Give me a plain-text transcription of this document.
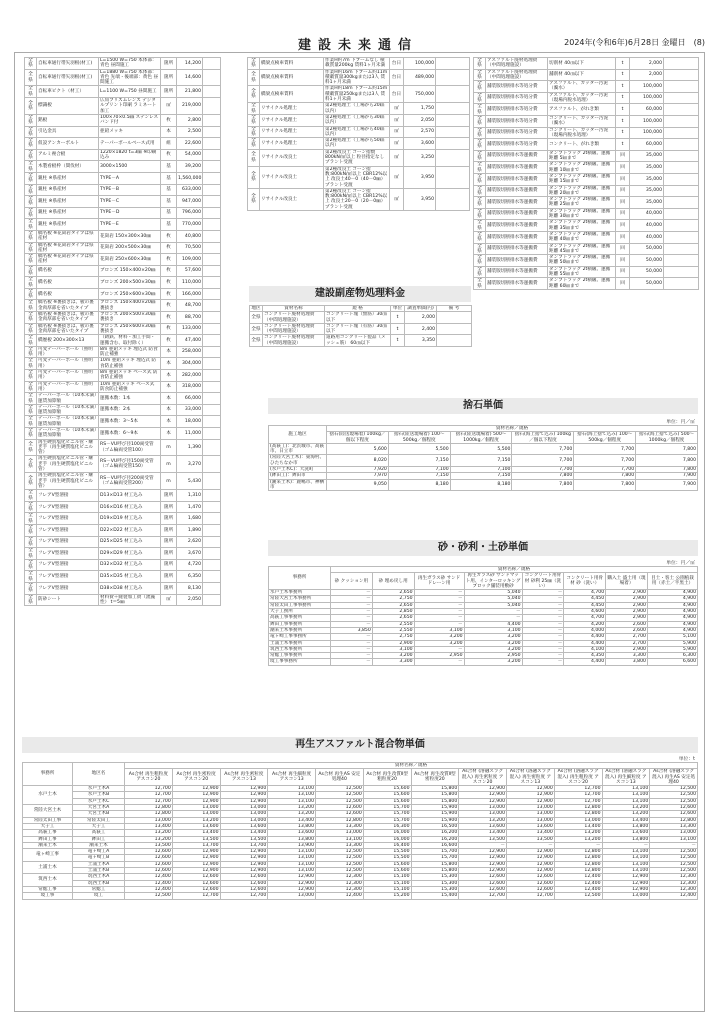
建設未来通信	2024年(令和6年)6月28日 金曜日 (8)
全県	自転車通行帯矢羽根(材工)	L=1500 W=750 本体部：青色 昼間施工	箇所	14,200	
全県	自転車通行帯矢羽根(材工)	L=1880 W=750 本体部：青色 先端・後端部：黄色 昼間施工	箇所	14,600	
全県	自転車ピクト（材工）	L=1100 W=750 昼間施工	箇所	21,800	
全県	標識板	広角プリズムレンズ デジタルプリント印刷 ラミネート加工	㎡	219,000	
全県	銘板	100×70×0.5㎜ ステンレスバンド付	枚	2,800	
全県	引込金具	亜鉛メッキ	本	2,500	
全県	仮設アンカーボルト	テーパーポールベース式用	組	22,600	
全県	アルミ複合板	1220×1820 t=3㎜ ※印刷込み	枚	54,000	
全県	木製看板枠（間伐材）	3000×1500	基	39,200	
全県	親柱 ※県産材	TYPE－A	基	1,560,000	
全県	親柱 ※県産材	TYPE－B	基	633,000	
全県	親柱 ※県産材	TYPE－C	基	947,000	
全県	親柱 ※県産材	TYPE－D	基	796,000	
全県	親柱 ※県産材	TYPE－E	基	770,000	
全県	橋名板 ※花崗岩タイプは県産材	花崗岩 150×300×30㎜	枚	40,800	
全県	橋名板 ※花崗岩タイプは県産材	花崗岩 200×500×30㎜	枚	70,500	
全県	橋名板 ※花崗岩タイプは県産材	花崗岩 250×600×30㎜	枚	109,000	
全県	橋名板	ブロンズ 150×400×20㎜	枚	57,600	
全県	橋名板	ブロンズ 200×500×30㎜	枚	110,000	
全県	橋名板	ブロンズ 250×600×30㎜	枚	166,000	
全県	橋名板 ※裏抜きは、板の裏金肉厚部を省いたタイプ	ブロンズ 150×400×20㎜ 裏抜き	枚	48,700	
全県	橋名板 ※裏抜きは、板の裏金肉厚部を省いたタイプ	ブロンズ 200×500×30㎜ 裏抜き	枚	88,700	
全県	橋名板 ※裏抜きは、板の裏金肉厚部を省いたタイプ	ブロンズ 250×600×30㎜ 裏抜き	枚	133,000	
全県	橋歴板 200×300×13	（鋳鉄、材料・加工手間・運搬含む、取付除く）	枚	47,400	
全県	可変テーパーポール（照明用）	8m 亜鉛メッキ 埋込式 防食防止補強	本	258,000	
全県	可変テーパーポール（照明用）	10m 亜鉛メッキ 埋込式 防食防止補強	本	304,000	
全県	可変テーパーポール（照明用）	8m 亜鉛メッキ ベース式 防食防止補強	本	282,000	
全県	可変テーパーポール（照明用）	10m 亜鉛メッキ ベース式 防食防止補強	本	318,000	
全県	テーパーポール（10本未満）運賃加算額	運搬本数：1本	本	66,000	
全県	テーパーポール（10本未満）運賃加算額	運搬本数：2本	本	33,000	
全県	テーパーポール（10本未満）運賃加算額	運搬本数：3～5本	本	18,000	
全県	テーパーポール（10本未満）運賃加算額	運搬本数：6～9本	本	11,000	
全県	再生硬質塩化ビニル管・継ぎ手（再生硬質塩化ビニル管）	RS－VU呼び径100両受管（ゴム輪両受管100）	m	1,390	
全県	再生硬質塩化ビニル管・継ぎ手（再生硬質塩化ビニル管）	RS－VU呼び径150両受管（ゴム輪両受管150）	m	3,270	
全県	再生硬質塩化ビニル管・継ぎ手（再生硬質塩化ビニル管）	RS－VU呼び径200両受管（ゴム輪両受管200）	m	5,430	
全県	フレアV型溶接	D13×D13 材工込み	箇所	1,310	
全県	フレアV型溶接	D16×D16 材工込み	箇所	1,470	
全県	フレアV型溶接	D19×D19 材工込み	箇所	1,680	
全県	フレアV型溶接	D22×D22 材工込み	箇所	1,890	
全県	フレアV型溶接	D25×D25 材工込み	箇所	2,620	
全県	フレアV型溶接	D29×D29 材工込み	箇所	3,670	
全県	フレアV型溶接	D32×D32 材工込み	箇所	4,720	
全県	フレアV型溶接	D35×D35 材工込み	箇所	6,350	
全県	フレアV型溶接	D38×D38 材工込み	箇所	8,130	
全県	防砂シート	材料費＋縫製加工費（流藻性） t＝5㎜	㎡	2,050	
全県	橋梁点検車賃料	作業H約7m 下ブームなし 積載質量200kg 賃料1ヶ月未満	台日	100,000	
全県	橋梁点検車賃料	作業H約16m 下ブーム約11m 積載質量300kgまたは3人 賃料1ヶ月未満	台日	489,000	
全県	橋梁点検車賃料	作業H約18m 下ブーム約15m 積載質量250kgまたは3人 賃料1ヶ月未満	台日	750,000	
全県	リサイクル処理土	第2種処理土（工場から20㎞以内）	㎡	1,750	
全県	リサイクル処理土	第2種処理土（工場から30㎞以内）	㎡	2,050	
全県	リサイクル処理土	第2種処理土（工場から40㎞以内）	㎡	2,570	
全県	リサイクル処理土	第2種処理土（工場から50㎞以内）	㎡	3,600	
全県	リサイクル改良土	第2種改良土 コーン指数800kN/㎡以上 粒径指定なし プラント受渡	㎡	3,250	
全県	リサイクル改良土	第2種改良土 コーン指数:800kN/㎡以上 CBR12%以上 改良土40－0（40－0㎜）プラント受渡	㎡	3,950	
全県	リサイクル改良土	第2種改良土 コーン指数:800kN/㎡以上 CBR12%以上 改良土20－0（20－0㎜）プラント受渡	㎡	3,950	
建設副産物処理料金
地区	資材名称	規 格	単位	調査単価(円)	備 考
全県	コンクリート廃材処理費（中間処理施設）	コンクリート塊（無筋）30㎝以下	t	2,000	
全県	コンクリート廃材処理費（中間処理施設）	コンクリート塊（有筋）30㎝以下	t	2,400	
全県	コンクリート廃材処理費（中間処理施設）	道路用コンクリート製品（メッシュ筋） 60㎝以下	t	3,350	
全県	アスファルト廃材処理費（中間処理施設）	切削材 40㎝以下	t	2,000	
全県	アスファルト廃材処理費（中間処理施設）	舗削材 40㎝以下	t	2,000	
全県	舗装版切断排水等処分費	アスファルト、カッター汚泥（濁水）	t	100,000	
全県	舗装版切断排水等処分費	アスファルト、カッター汚泥（現場内脱水処理）	t	100,000	
全県	舗装版切断排水等処分費	アスファルト、がれき類	t	60,000	
全県	舗装版切断排水等処分費	コンクリート、カッター汚泥（濁水）	t	100,000	
全県	舗装版切断排水等処分費	コンクリート、カッター汚泥（現場内脱水処理）	t	100,000	
全県	舗装版切断排水等処分費	コンクリート、がれき類	t	60,000	
全県	舗装版切断排水等運搬費	ダンプトラック 2t積級、運搬距離 5㎞まで	回	35,000	
全県	舗装版切断排水等運搬費	ダンプトラック 2t積級、運搬距離 10㎞まで	回	35,000	
全県	舗装版切断排水等運搬費	ダンプトラック 2t積級、運搬距離 15㎞まで	回	35,000	
全県	舗装版切断排水等運搬費	ダンプトラック 2t積級、運搬距離 20㎞まで	回	35,000	
全県	舗装版切断排水等運搬費	ダンプトラック 2t積級、運搬距離 25㎞まで	回	35,000	
全県	舗装版切断排水等運搬費	ダンプトラック 2t積級、運搬距離 30㎞まで	回	40,000	
全県	舗装版切断排水等運搬費	ダンプトラック 2t積級、運搬距離 35㎞まで	回	40,000	
全県	舗装版切断排水等運搬費	ダンプトラック 2t積級、運搬距離 40㎞まで	回	40,000	
全県	舗装版切断排水等運搬費	ダンプトラック 2t積級、運搬距離 45㎞まで	回	50,000	
全県	舗装版切断排水等運搬費	ダンプトラック 2t積級、運搬距離 50㎞まで	回	50,000	
全県	舗装版切断排水等運搬費	ダンプトラック 2t積級、運搬距離 55㎞まで	回	50,000	
全県	舗装版切断排水等運搬費	ダンプトラック 2t積級、運搬距離 60㎞まで	回	50,000	
捨石単価
単位：円／㎥
施工地区	資材名称／規格					
	捨石(陸送現場着) 100kg／個以下程度	捨石(陸送現場着) 100～500kg／個程度	捨石(陸送現場着) 500～1000kg／個程度	捨石(海上捨て込み) 100kg／個以下程度	捨石(海上捨て込み) 100～500kg／個程度	捨石(海上捨て込み) 500～1000kg／個程度
(高萩工)：北茨城市、高萩市、日立市	5,600	5,500	5,500	7,700	7,700	7,800
(常陸大宮土木)：東海村、ひたちなか市	8,020	7,150	7,150	7,700	7,700	7,800
(水戸土木C)：大洗町	7,920	7,100	7,100	7,700	7,700	7,800
(鉾田工)：鉾田市	7,970	7,150	7,150	7,800	7,800	7,900
(潮来土木)：鹿嶋市、神栖市	9,050	8,180	8,180	7,800	7,800	7,900
砂・砂利・土砂単価
単位：円／㎥
事務所	資材名称／規格							
	砂 クッション用	砂 埋め戻し用	再生ガラス砂 サンドドレーン用	再生ガラス砂 サンドマット用、インターロッキングブロック舗装用敷砂	コンクリート用骨材 砂利 25㎜（洗い）	コンクリート用骨材 砂（洗い）	購入土 盛土用（現場着）	目土・客土 公園植栽用（赤土／半黒土）
水戸土木事務所	－	2,650	－	5,040	－	4,700	2,900	4,900
常陸大宮土木事務所	－	2,750	－	5,040	－	4,450	2,900	4,900
常陸太田工事事務所	－	2,650	－	5,040	－	4,450	2,900	4,900
大子工務所	－	2,850	－	－	－	4,600	2,900	4,900
高萩工事事務所	－	2,650	－	－	－	4,700	2,900	4,900
鉾田工事事務所	－	2,550	－	4,400	－	4,200	2,600	4,900
潮来土木事務所	3,850	2,550	3,100	3,100	－	4,000	2,600	4,900
竜ヶ崎工事事務所	－	2,750	3,200	3,200	－	4,400	2,700	5,100
土浦土木事務所	－	2,900	3,200	3,200	－	4,400	2,700	5,900
筑西土木事務所	－	3,100	－	3,200	－	4,100	2,900	5,900
常総工事事務所	－	3,200	2,950	2,950	－	4,350	3,300	6,300
境工事事務所	－	3,300	－	3,200	－	4,400	3,800	6,600
再生アスファルト混合物単価
単位：t
事務所	地区名	資材名称／規格											
		As合材 再生粗粒度 アスコン20	As合材 再生密粒度 アスコン20	As合材 再生密粒度 アスコン13	As合材 再生細粒度 アスコン13	As合材 再生AS 安定処理40	As合材 再生改質Ⅱ型 粗粒度20	As合材 再生改質Ⅱ型 密粒度20	As合材 (溶融スラグ混入) 再生密粒度 アスコン20	As合材 (溶融スラグ混入) 再生密粒度 アスコン13	As合材 (溶融スラグ混入) 再生粗粒度 アスコン20	As合材 (溶融スラグ混入) 再生細粒度 アスコン13	As合材 (溶融スラグ混入) 再生AS 安定処理40
水戸土木	水戸土木A	12,700	12,900	12,900	13,100	12,500	15,600	15,800	12,900	12,900	12,700	13,100	12,500
	水戸土木B	12,700	12,900	12,900	13,100	12,500	15,600	15,800	12,900	12,900	12,700	13,100	12,500
	水戸土木C	12,700	12,900	12,900	13,100	12,500	15,600	15,800	12,900	12,900	12,700	13,100	12,500
常陸大宮土木	大宮土木A	12,800	13,000	13,000	13,200	12,600	15,700	15,900	13,000	13,000	12,800	13,200	12,600
	大宮土木B	12,800	13,000	13,000	13,200	12,600	15,700	15,900	13,000	13,000	12,800	13,200	12,600
常陸太田工事	常陸太田工	13,000	13,200	13,000	13,400	12,800	15,700	15,900	13,200	13,000	13,000	13,400	12,800
大子工	大子工	13,400	13,600	13,600	13,800	13,300	16,300	16,500	13,600	13,600	13,400	13,800	13,300
高萩工事	高萩工	13,200	13,400	13,400	13,600	13,000	16,000	16,200	13,400	13,400	13,200	13,600	13,000
鉾田工事	鉾田工	13,200	13,500	13,500	13,800	13,100	16,000	16,200	13,500	13,500	13,200	13,800	13,100
潮来土木	潮来土木	13,500	13,700	13,700	13,900	13,300	16,400	16,600	－	－	－	－	－
竜ヶ崎工事	竜ヶ崎工A	12,600	12,900	12,900	13,100	12,500	15,500	15,700	12,900	12,900	12,800	13,100	12,500
	竜ヶ崎工B	12,600	12,900	12,900	13,100	12,500	15,500	15,700	12,900	12,900	12,800	13,100	12,500
土浦土木	土浦土木A	12,600	12,900	12,900	13,100	12,500	15,600	15,800	12,900	12,900	12,800	13,100	12,500
	土浦土木B	12,600	12,900	12,900	13,100	12,500	15,600	15,800	12,900	12,900	12,800	13,100	12,500
筑西土木	筑西土木A	12,400	12,600	12,600	12,900	12,300	15,100	15,300	12,600	12,600	12,400	12,900	12,300
	筑西土木B	12,400	12,600	12,600	12,900	12,300	15,100	15,300	12,600	12,600	12,400	12,900	12,300
常総工事	常総工	12,400	12,600	12,600	12,900	12,300	15,100	15,300	12,600	12,600	12,400	12,900	12,300
境工事	境工	12,500	12,700	12,700	13,000	12,400	15,200	15,400	12,700	12,700	12,500	13,000	12,400
